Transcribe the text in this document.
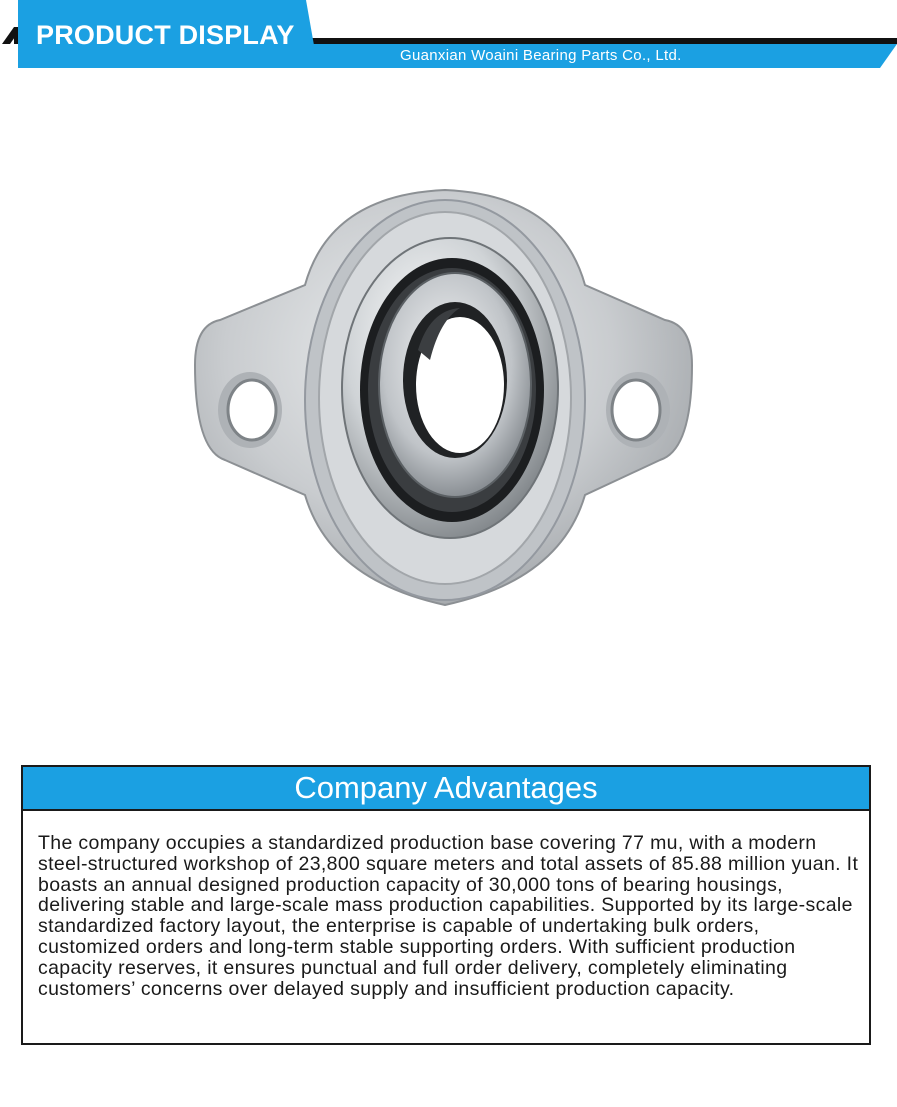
PRODUCT DISPLAY
Guanxian Woaini Bearing Parts Co., Ltd.
Company Advantages
The company occupies a standardized production base covering 77 mu, with a modern steel-structured workshop of 23,800 square meters and total assets of 85.88 million yuan. It boasts an annual designed production capacity of 30,000 tons of bearing housings, delivering stable and large-scale mass production capabilities. Supported by its large-scale standardized factory layout, the enterprise is capable of undertaking bulk orders, customized orders and long-term stable supporting orders. With sufficient production capacity reserves, it ensures punctual and full order delivery, completely eliminating customers’ concerns over delayed supply and insufficient production capacity.
